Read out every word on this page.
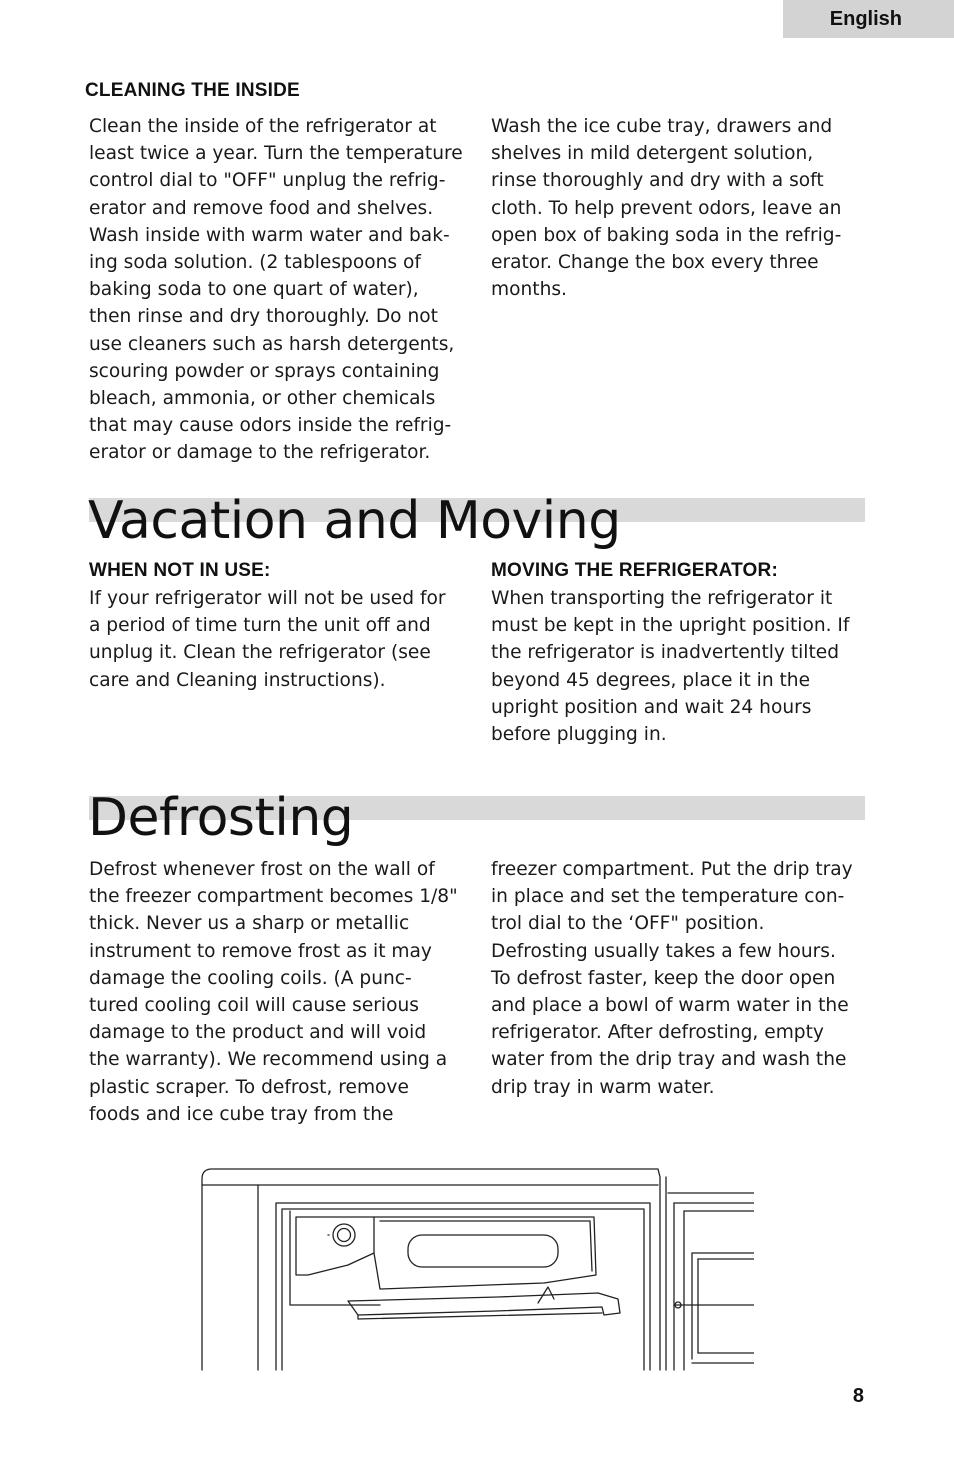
English
CLEANING THE INSIDE
Clean the inside of the refrigerator at
least twice a year. Turn the temperature
control dial to "OFF" unplug the refrig-
erator and remove food and shelves.
Wash inside with warm water and bak-
ing soda solution. (2 tablespoons of
baking soda to one quart of water),
then rinse and dry thoroughly. Do not
use cleaners such as harsh detergents,
scouring powder or sprays containing
bleach, ammonia, or other chemicals
that may cause odors inside the refrig-
erator or damage to the refrigerator.
Wash the ice cube tray, drawers and
shelves in mild detergent solution,
rinse thoroughly and dry with a soft
cloth. To help prevent odors, leave an
open box of baking soda in the refrig-
erator. Change the box every three
months.
Vacation and Moving
WHEN NOT IN USE:
If your refrigerator will not be used for
a period of time turn the unit off and
unplug it. Clean the refrigerator (see
care and Cleaning instructions).
MOVING THE REFRIGERATOR:
When transporting the refrigerator it
must be kept in the upright position. If
the refrigerator is inadvertently tilted
beyond 45 degrees, place it in the
upright position and wait 24 hours
before plugging in.
Defrosting
Defrost whenever frost on the wall of
the freezer compartment becomes 1/8"
thick. Never us a sharp or metallic
instrument to remove frost as it may
damage the cooling coils. (A punc-
tured cooling coil will cause serious
damage to the product and will void
the warranty). We recommend using a
plastic scraper. To defrost, remove
foods and ice cube tray from the
freezer compartment. Put the drip tray
in place and set the temperature con-
trol dial to the ‘OFF" position.
Defrosting usually takes a few hours.
To defrost faster, keep the door open
and place a bowl of warm water in the
refrigerator. After defrosting, empty
water from the drip tray and wash the
drip tray in warm water.
8
